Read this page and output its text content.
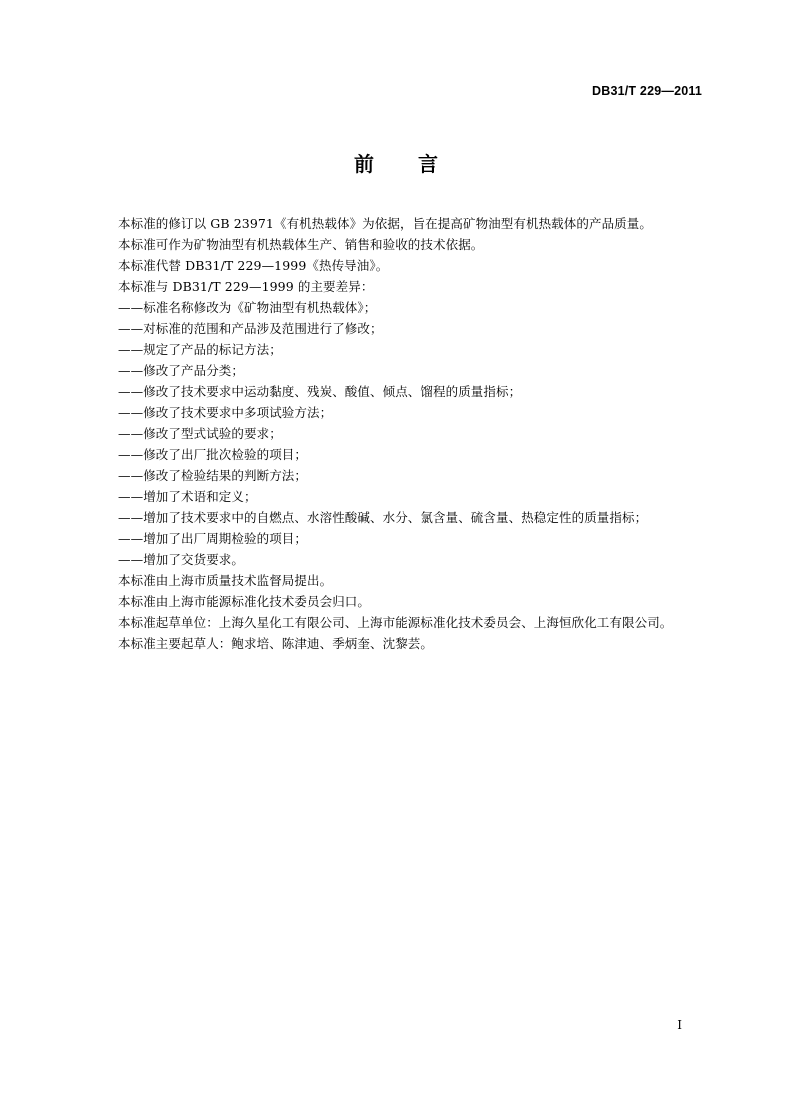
DB31/T 229—2011
前言
本标准的修订以 GB 23971《有机热载体》为依据，旨在提高矿物油型有机热载体的产品质量。
本标准可作为矿物油型有机热载体生产、销售和验收的技术依据。
本标准代替 DB31/T 229—1999《热传导油》。
本标准与 DB31/T 229—1999 的主要差异：
——标准名称修改为《矿物油型有机热载体》；
——对标准的范围和产品涉及范围进行了修改；
——规定了产品的标记方法；
——修改了产品分类；
——修改了技术要求中运动黏度、残炭、酸值、倾点、馏程的质量指标；
——修改了技术要求中多项试验方法；
——修改了型式试验的要求；
——修改了出厂批次检验的项目；
——修改了检验结果的判断方法；
——增加了术语和定义；
——增加了技术要求中的自燃点、水溶性酸碱、水分、氯含量、硫含量、热稳定性的质量指标；
——增加了出厂周期检验的项目；
——增加了交货要求。
本标准由上海市质量技术监督局提出。
本标准由上海市能源标准化技术委员会归口。
本标准起草单位：上海久星化工有限公司、上海市能源标准化技术委员会、上海恒欣化工有限公司。
本标准主要起草人：鲍求培、陈津迪、季炳奎、沈黎芸。
I
